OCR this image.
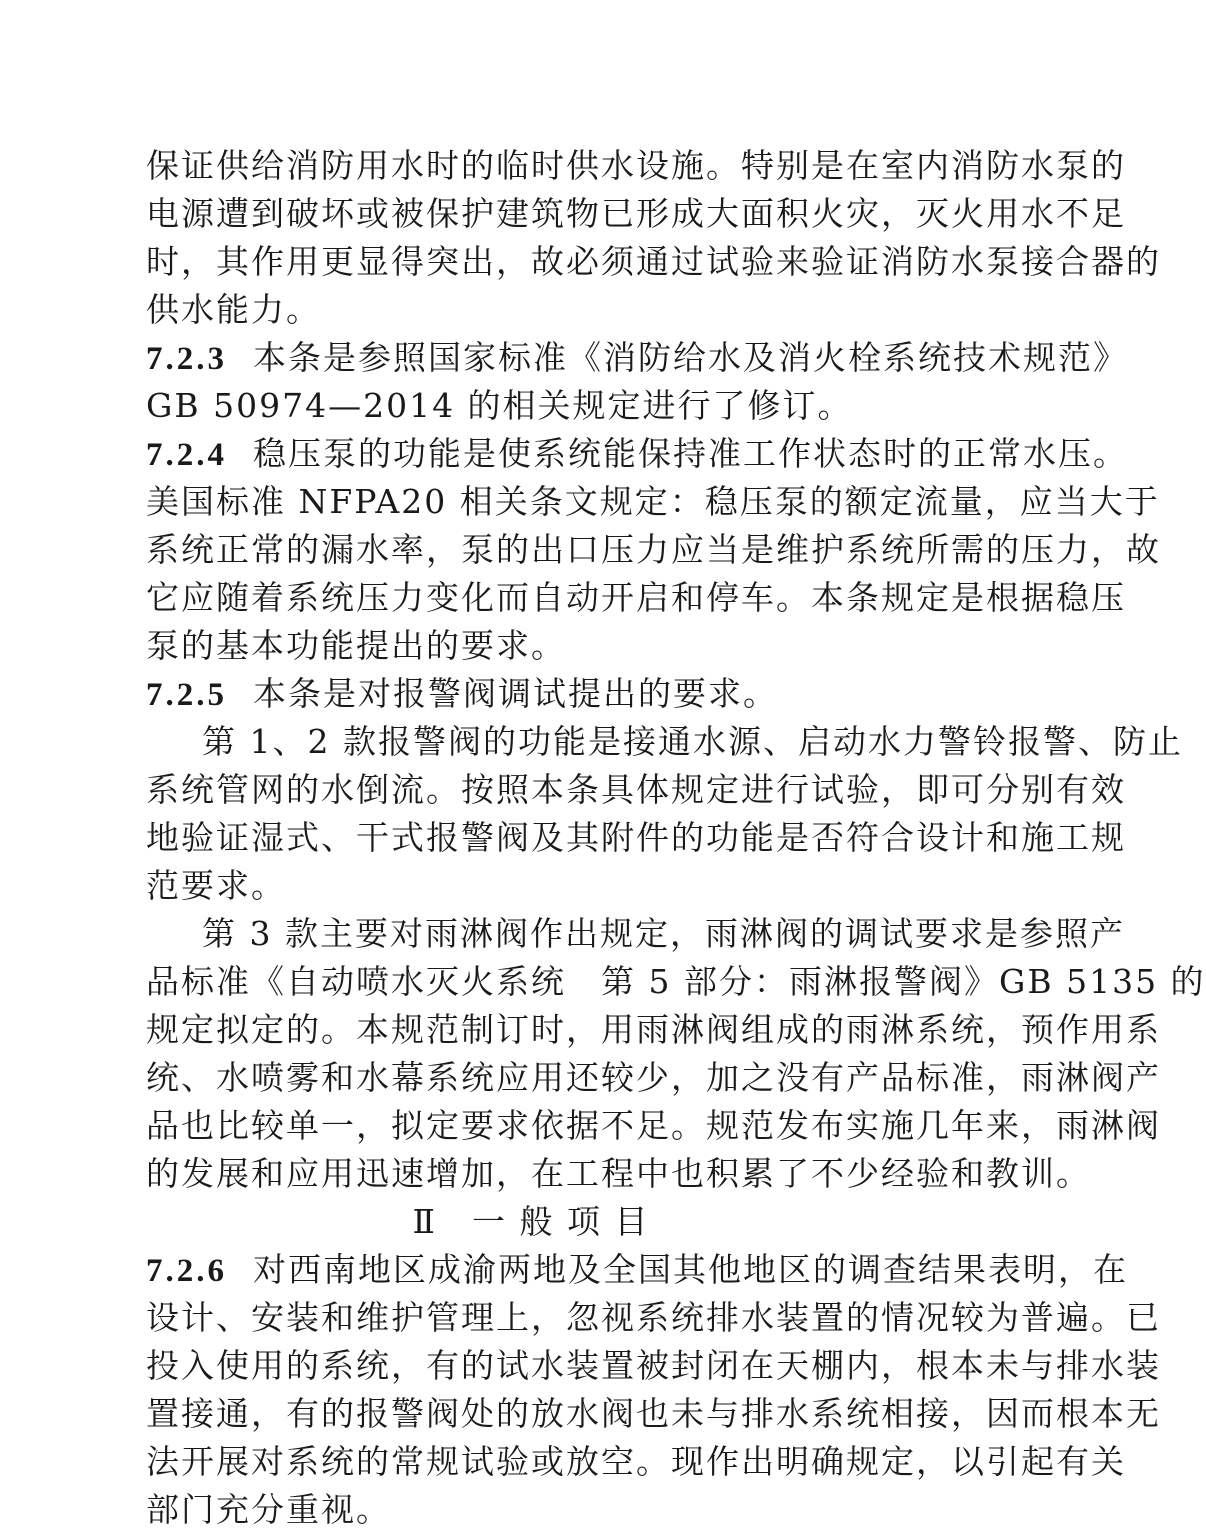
保证供给消防用水时的临时供水设施。特别是在室内消防水泵的
电源遭到破坏或被保护建筑物已形成大面积火灾，灭火用水不足
时，其作用更显得突出，故必须通过试验来验证消防水泵接合器的
供水能力。
7.2.3 本条是参照国家标准《消防给水及消火栓系统技术规范》
GB 50974—2014 的相关规定进行了修订。
7.2.4 稳压泵的功能是使系统能保持准工作状态时的正常水压。
美国标准 NFPA20 相关条文规定：稳压泵的额定流量，应当大于
系统正常的漏水率，泵的出口压力应当是维护系统所需的压力，故
它应随着系统压力变化而自动开启和停车。本条规定是根据稳压
泵的基本功能提出的要求。
7.2.5 本条是对报警阀调试提出的要求。
第 1、2 款报警阀的功能是接通水源、启动水力警铃报警、防止
系统管网的水倒流。按照本条具体规定进行试验，即可分别有效
地验证湿式、干式报警阀及其附件的功能是否符合设计和施工规
范要求。
第 3 款主要对雨淋阀作出规定，雨淋阀的调试要求是参照产
品标准《自动喷水灭火系统　第 5 部分：雨淋报警阀》GB 5135 的
规定拟定的。本规范制订时，用雨淋阀组成的雨淋系统，预作用系
统、水喷雾和水幕系统应用还较少，加之没有产品标准，雨淋阀产
品也比较单一，拟定要求依据不足。规范发布实施几年来，雨淋阀
的发展和应用迅速增加，在工程中也积累了不少经验和教训。
Ⅱ　一 般 项 目
7.2.6 对西南地区成渝两地及全国其他地区的调查结果表明，在
设计、安装和维护管理上，忽视系统排水装置的情况较为普遍。已
投入使用的系统，有的试水装置被封闭在天棚内，根本未与排水装
置接通，有的报警阀处的放水阀也未与排水系统相接，因而根本无
法开展对系统的常规试验或放空。现作出明确规定，以引起有关
部门充分重视。
